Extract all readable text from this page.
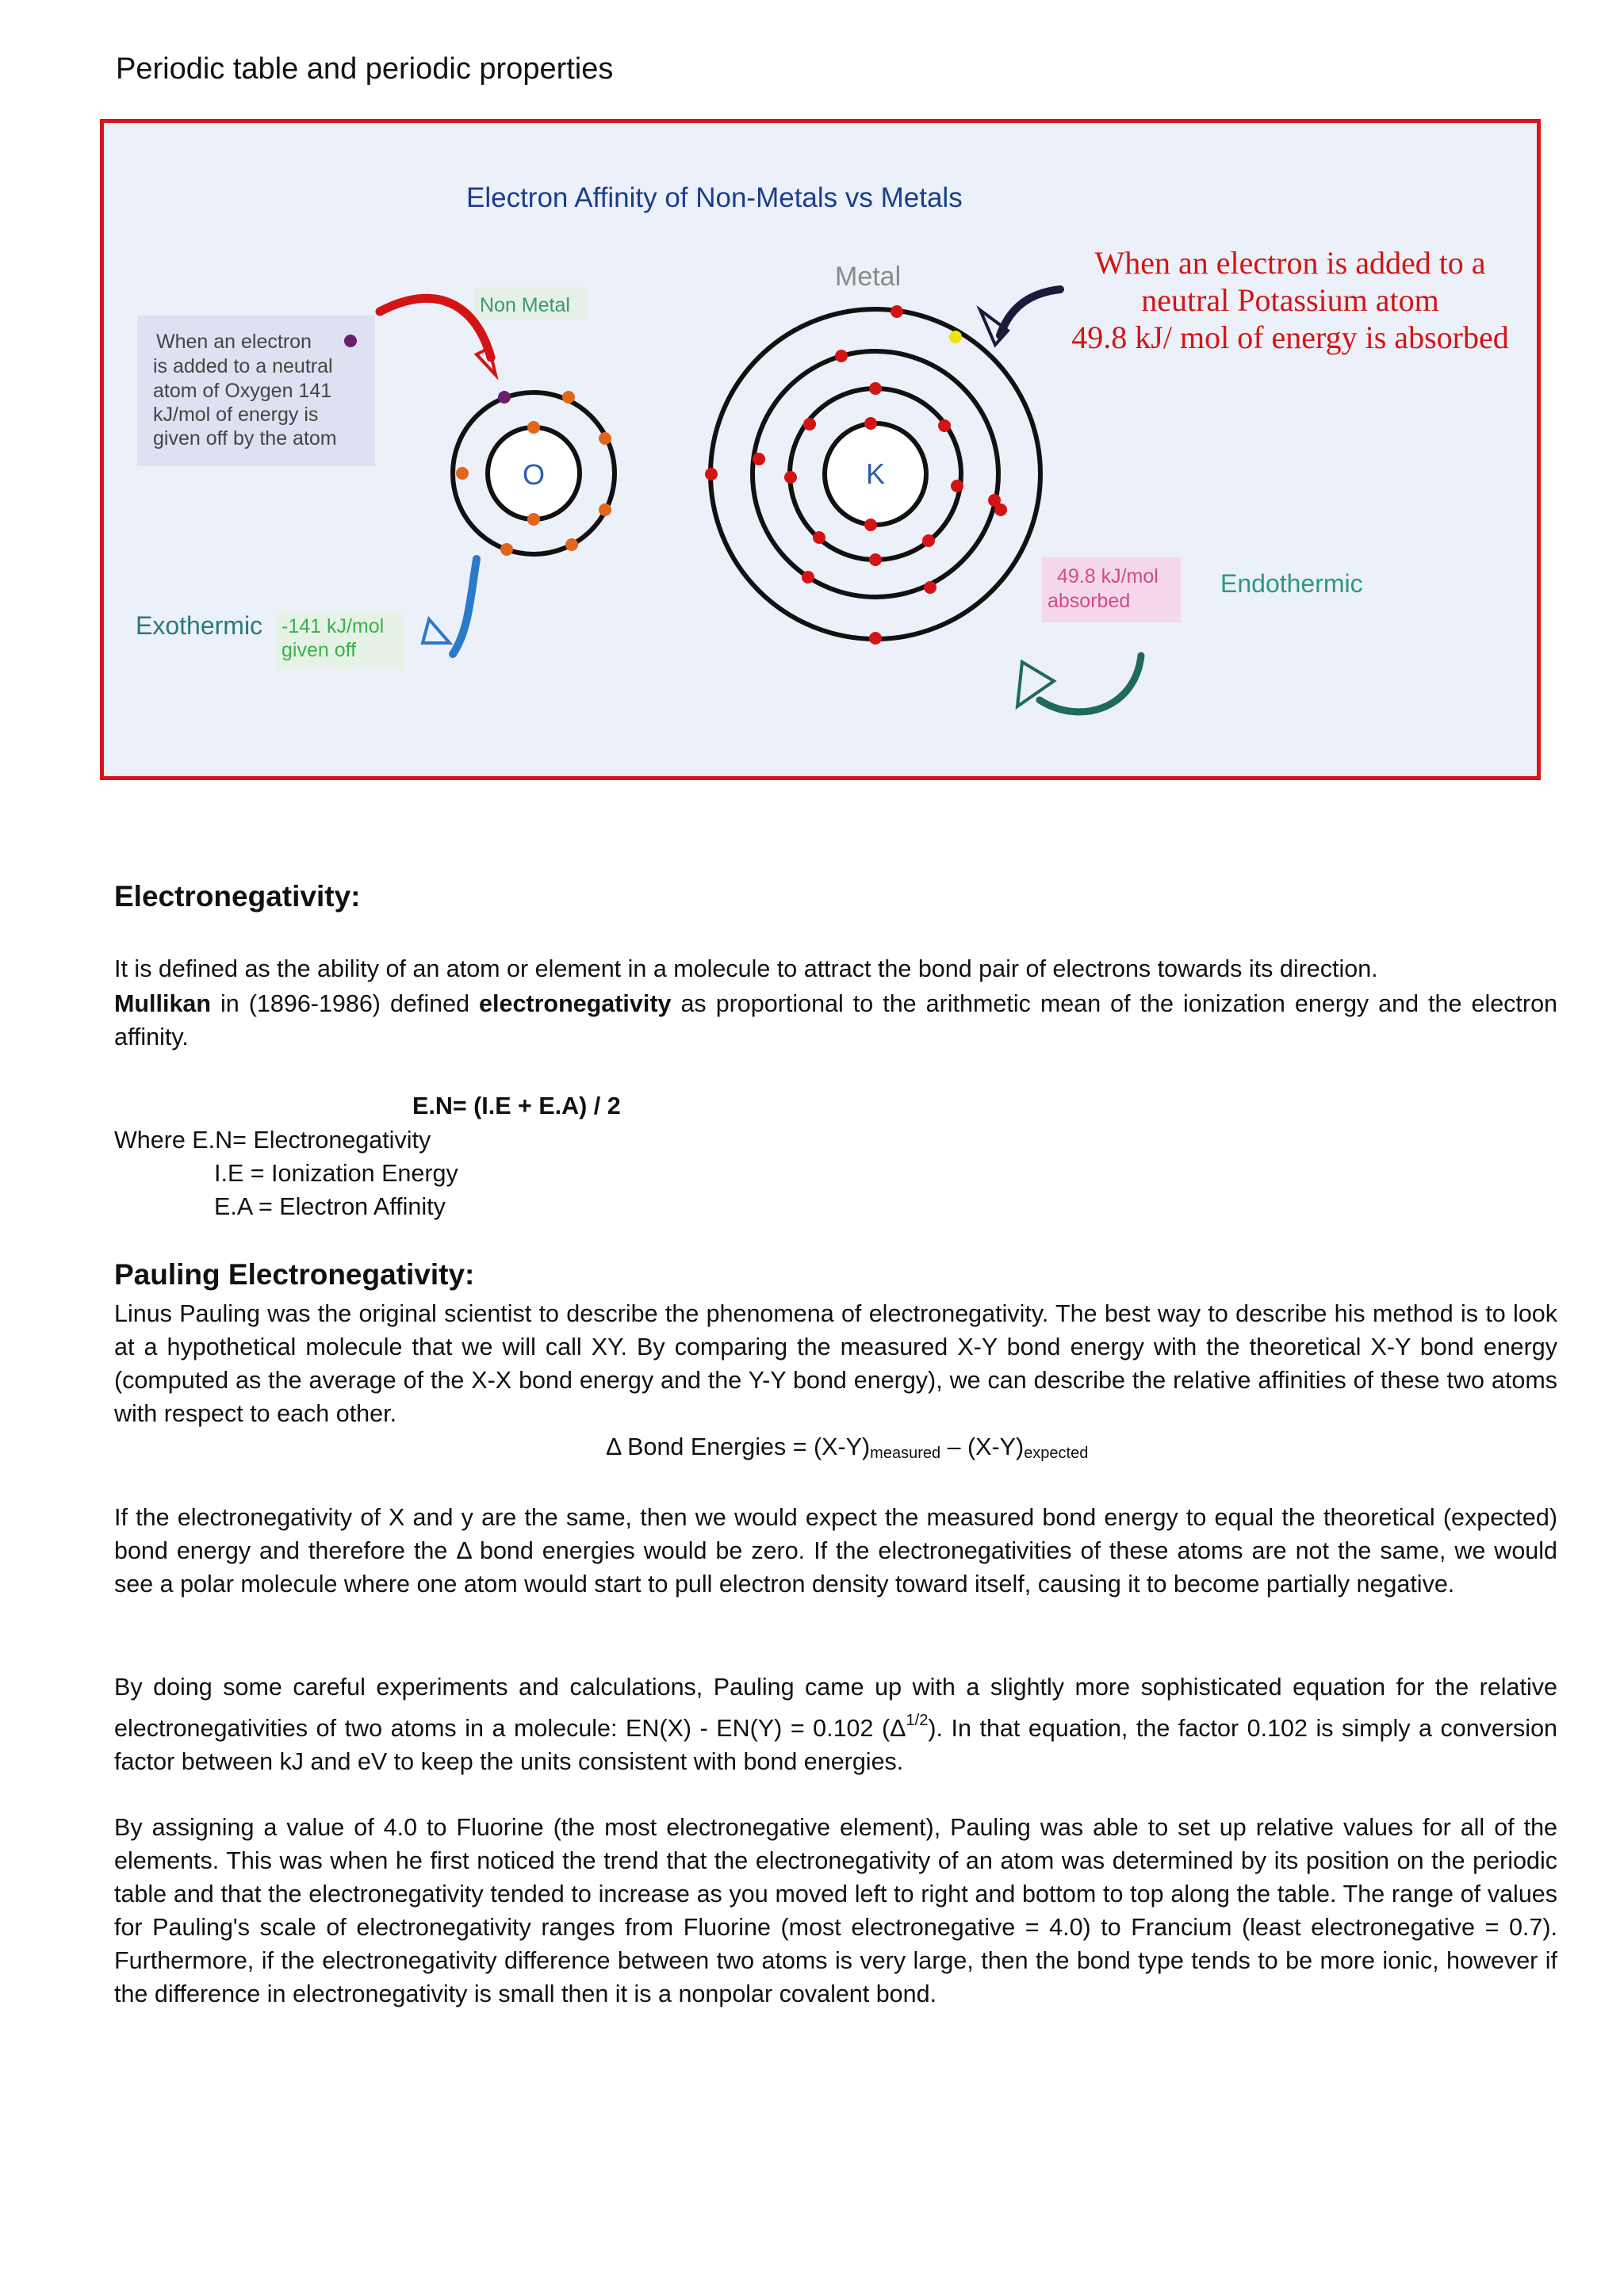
Periodic table and periodic properties
Electron Affinity of Non-Metals vs Metals
When an electron
is added to a neutral
atom of Oxygen 141
kJ/mol of energy is
given off by the atom
Non Metal
O
Exothermic -141 kJ/mol
given off
Metal
K
When an electron is added to a
neutral Potassium atom
49.8 kJ/ mol of energy is absorbed
49.8 kJ/mol
absorbed
Endothermic
Electronegativity:
It is defined as the ability of an atom or element in a molecule to attract the bond pair of electrons towards its direction.
Mullikan in (1896-1986) defined electronegativity as proportional to the arithmetic mean of the ionization energy and the electron affinity.
E.N= (I.E + E.A) / 2
Where E.N= Electronegativity
I.E = Ionization Energy
E.A = Electron Affinity
Pauling Electronegativity:
Linus Pauling was the original scientist to describe the phenomena of electronegativity. The best way to describe his method is to look at a hypothetical molecule that we will call XY. By comparing the measured X-Y bond energy with the theoretical X-Y bond energy (computed as the average of the X-X bond energy and the Y-Y bond energy), we can describe the relative affinities of these two atoms with respect to each other.
Δ Bond Energies = (X-Y)measured – (X-Y)expected
If the electronegativity of X and y are the same, then we would expect the measured bond energy to equal the theoretical (expected) bond energy and therefore the Δ bond energies would be zero. If the electronegativities of these atoms are not the same, we would see a polar molecule where one atom would start to pull electron density toward itself, causing it to become partially negative.
By doing some careful experiments and calculations, Pauling came up with a slightly more sophisticated equation for the relative electronegativities of two atoms in a molecule: EN(X) - EN(Y) = 0.102 $(\Delta^{1/2})$. In that equation, the factor 0.102 is simply a conversion factor between kJ and eV to keep the units consistent with bond energies.
By assigning a value of 4.0 to Fluorine (the most electronegative element), Pauling was able to set up relative values for all of the elements. This was when he first noticed the trend that the electronegativity of an atom was determined by its position on the periodic table and that the electronegativity tended to increase as you moved left to right and bottom to top along the table. The range of values for Pauling's scale of electronegativity ranges from Fluorine (most electronegative = 4.0) to Francium (least electronegative = 0.7). Furthermore, if the electronegativity difference between two atoms is very large, then the bond type tends to be more ionic, however if the difference in electronegativity is small then it is a nonpolar covalent bond.
